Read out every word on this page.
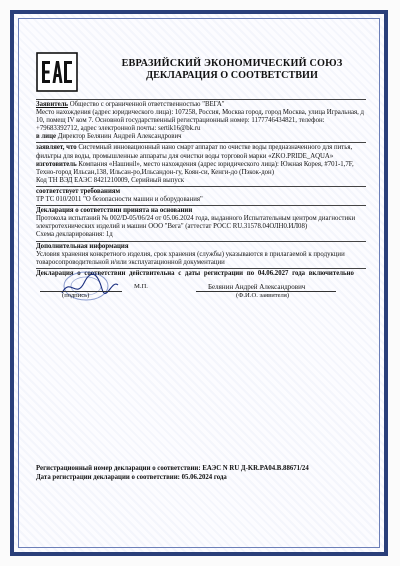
ЕВРАЗИЙСКИЙ ЭКОНОМИЧЕСКИЙ СОЮЗ
ДЕКЛАРАЦИЯ О СООТВЕТСТВИИ
Заявитель Общество с ограниченной ответственностью "ВЕГА"
Место нахождения (адрес юридического лица): 107258, Россия, Москва город, город Москва, улица Игральная, д 10, помещ IV ком 7. Основной государственный регистрационный номер: 1177746434821, телефон: +79683392712, адрес электронной почты: sertik16@bk.ru
в лице Директор Белянин Андрей Александрович
заявляет, что Системный инновационный нано смарт аппарат по очистке воды предназначенного для питья, фильтры для воды, промышленные аппараты для очистки воды торговой марки «ZKO.PRIDE_AQUA»
изготовитель Компания «Нашинil», место нахождения (адрес юридического лица): Южная Корея, #701-1,7F, Техно-город Ильсан,138, Ильсан-ро,Ильсандон-гу, Коян-си, Кенги-до (Пэкок-дон)
Код ТН ВЭД ЕАЭС 8421210009, Серийный выпуск
соответствует требованиям
ТР ТС 010/2011 "О безопасности машин и оборудования"
Декларация о соответствии принята на основании
Протокола испытаний № 002/D-05/06/24 от 05.06.2024 года, выданного Испытательным центром диагностики электротехнических изделий и машин ООО "Вега" (аттестат РОСС RU.31578.04ОЛН0.ИЛ08)
Схема декларирования: 1д
Дополнительная информация
Условия хранения конкретного изделия, срок хранения (службы) указываются в прилагаемой к продукции товаросопроводительной и/или эксплуатационной документации
Декларация о соответствии действительна с даты регистрации по 04.06.2027 года включительно
М.П.	Белянин Андрей Александрович
(подпись)	(Ф.И.О. заявителя)
Регистрационный номер декларации о соответствии: ЕАЭС N RU Д-KR.PA04.B.88671/24
Дата регистрации декларации о соответствии: 05.06.2024 года
